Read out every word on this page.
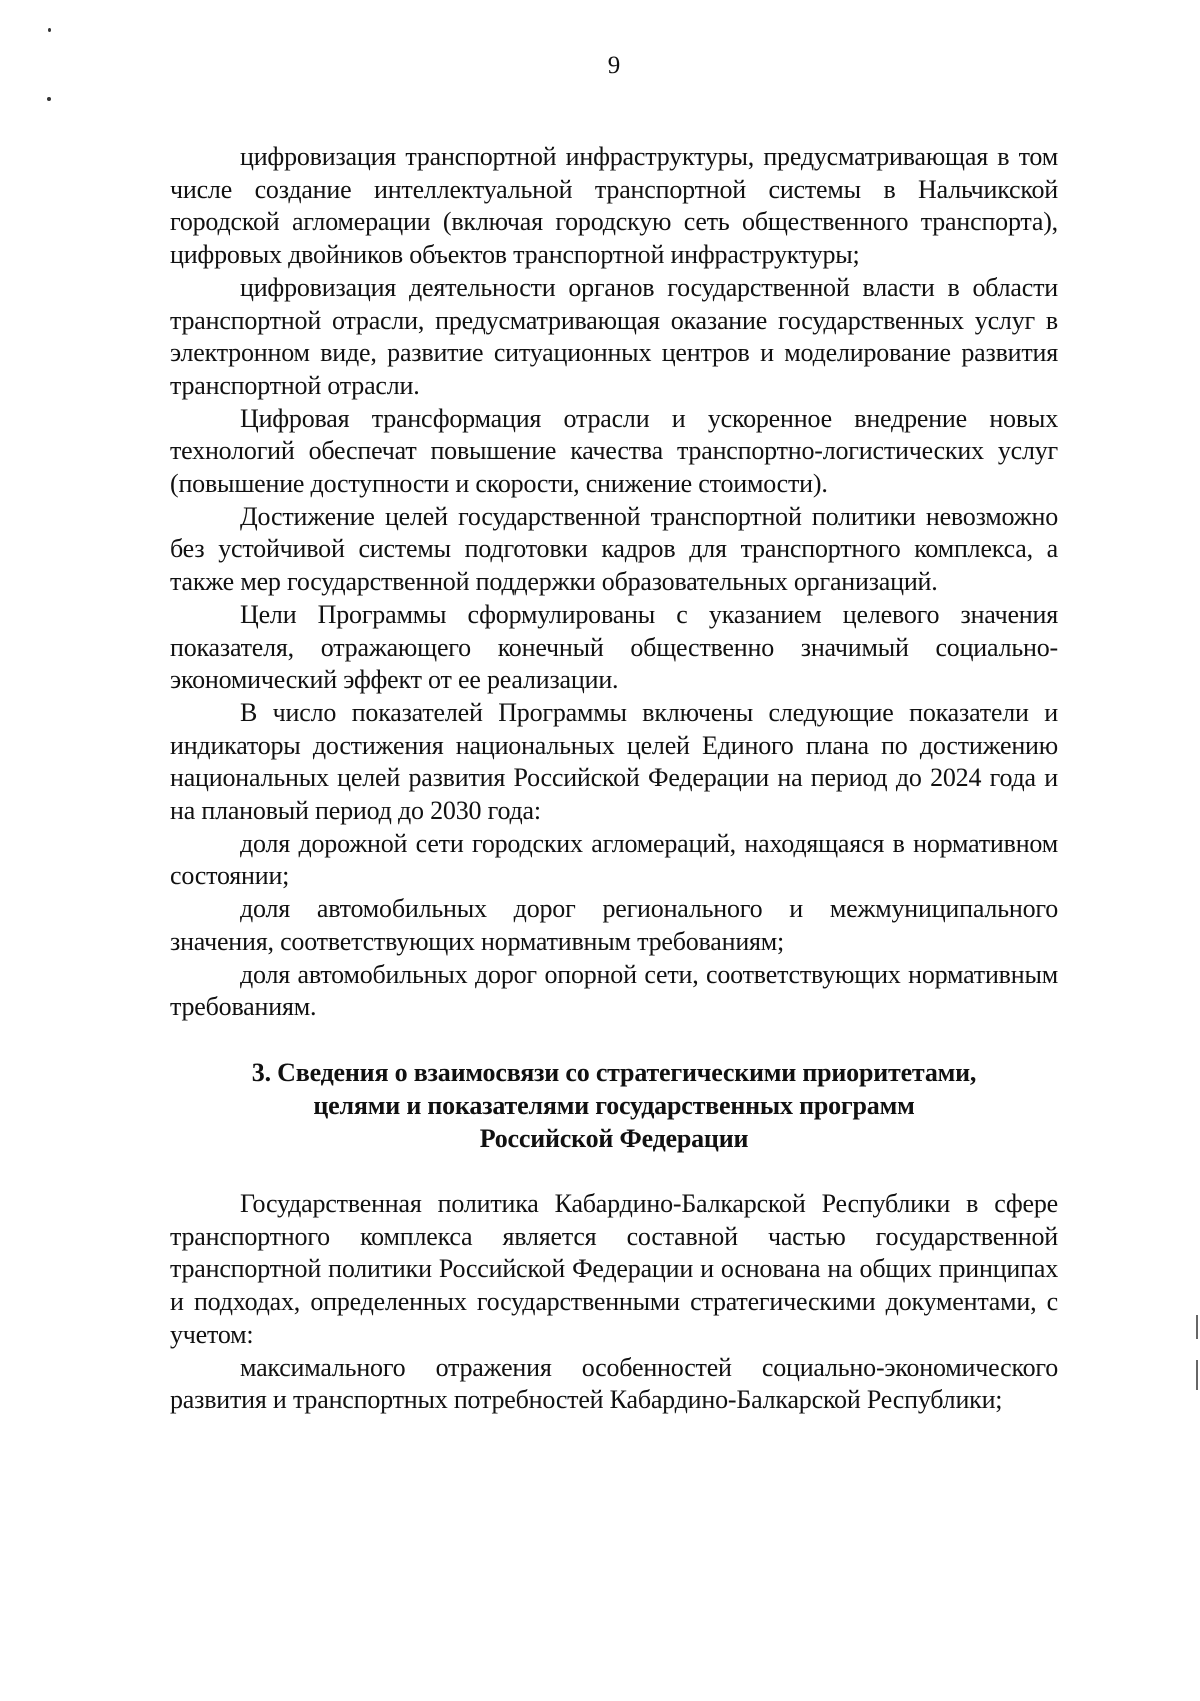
9

цифровизация транспортной инфраструктуры, предусматривающая в том числе создание интеллектуальной транспортной системы в Нальчикской городской агломерации (включая городскую сеть общественного транспорта), цифровых двойников объектов транспортной инфраструктуры;

цифровизация деятельности органов государственной власти в области транспортной отрасли, предусматривающая оказание государственных услуг в электронном виде, развитие ситуационных центров и моделирование развития транспортной отрасли.

Цифровая трансформация отрасли и ускоренное внедрение новых технологий обеспечат повышение качества транспортно-логистических услуг (повышение доступности и скорости, снижение стоимости).

Достижение целей государственной транспортной политики невозможно без устойчивой системы подготовки кадров для транспортного комплекса, а также мер государственной поддержки образовательных организаций.

Цели Программы сформулированы с указанием целевого значения показателя, отражающего конечный общественно значимый социально-экономический эффект от ее реализации.

В число показателей Программы включены следующие показатели и индикаторы достижения национальных целей Единого плана по достижению национальных целей развития Российской Федерации на период до 2024 года и на плановый период до 2030 года:

доля дорожной сети городских агломераций, находящаяся в нормативном состоянии;

доля автомобильных дорог регионального и межмуниципального значения, соответствующих нормативным требованиям;

доля автомобильных дорог опорной сети, соответствующих нормативным требованиям.

3. Сведения о взаимосвязи со стратегическими приоритетами,
целями и показателями государственных программ
Российской Федерации

Государственная политика Кабардино-Балкарской Республики в сфере транспортного комплекса является составной частью государственной транспортной политики Российской Федерации и основана на общих принципах и подходах, определенных государственными стратегическими документами, с учетом:

максимального отражения особенностей социально-экономического развития и транспортных потребностей Кабардино-Балкарской Республики;
